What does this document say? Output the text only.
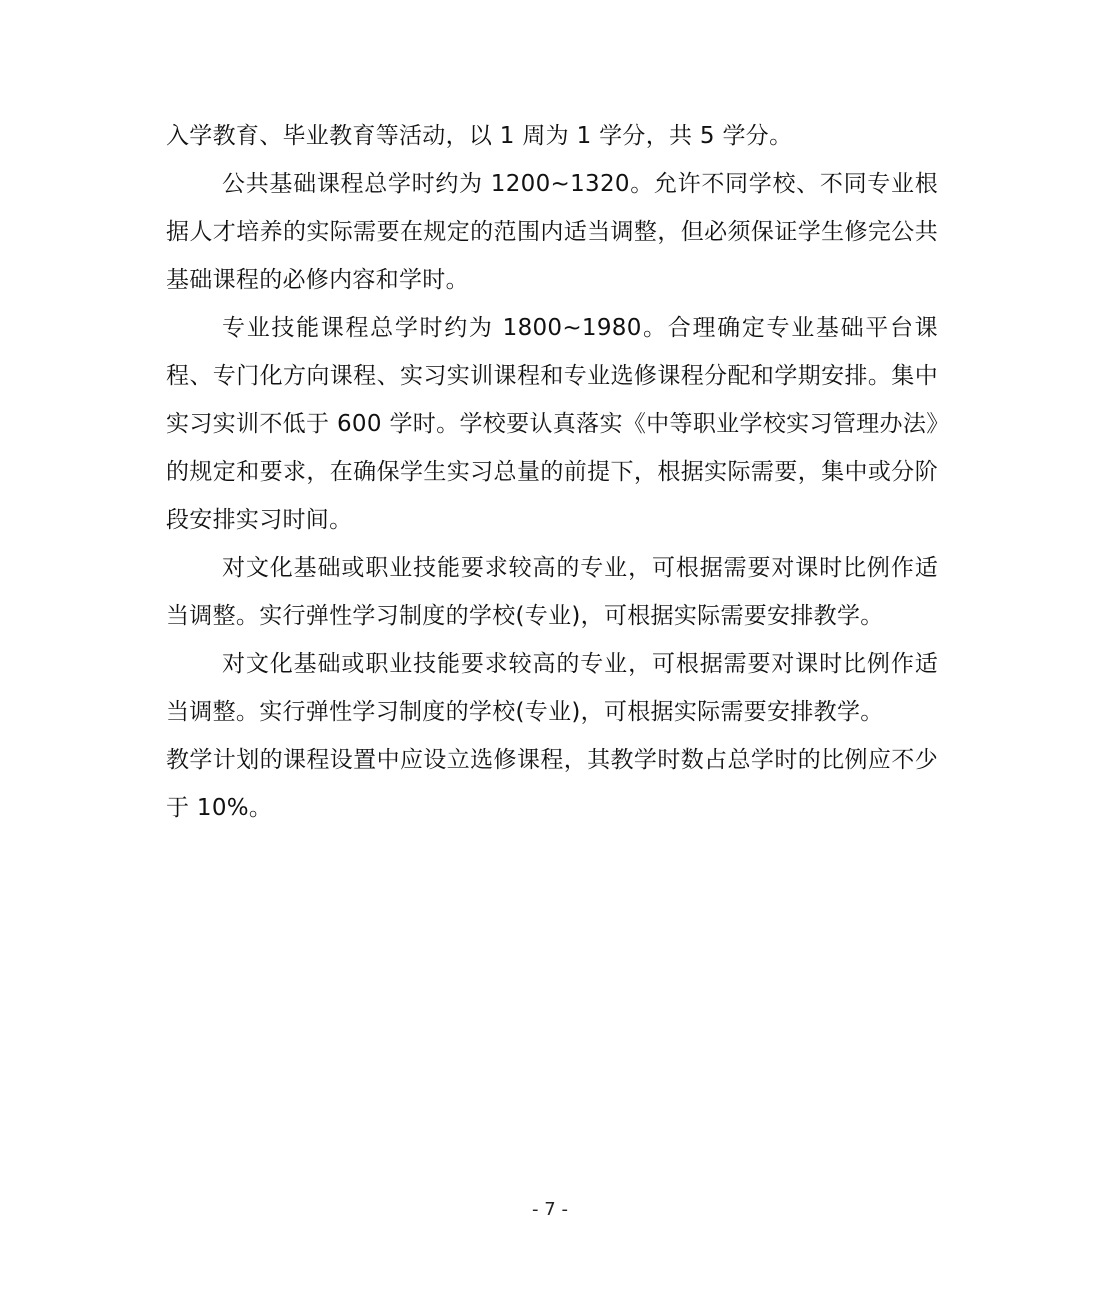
入学教育、毕业教育等活动，以 1 周为 1 学分，共 5 学分。

公共基础课程总学时约为 1200~1320。允许不同学校、不同专业根据人才培养的实际需要在规定的范围内适当调整，但必须保证学生修完公共基础课程的必修内容和学时。

专业技能课程总学时约为 1800~1980。合理确定专业基础平台课程、专门化方向课程、实习实训课程和专业选修课程分配和学期安排。集中实习实训不低于 600 学时。学校要认真落实《中等职业学校实习管理办法》的规定和要求，在确保学生实习总量的前提下，根据实际需要，集中或分阶段安排实习时间。

对文化基础或职业技能要求较高的专业，可根据需要对课时比例作适当调整。实行弹性学习制度的学校(专业)，可根据实际需要安排教学。

对文化基础或职业技能要求较高的专业，可根据需要对课时比例作适当调整。实行弹性学习制度的学校(专业)，可根据实际需要安排教学。

教学计划的课程设置中应设立选修课程，其教学时数占总学时的比例应不少于 10%。

- 7 -
